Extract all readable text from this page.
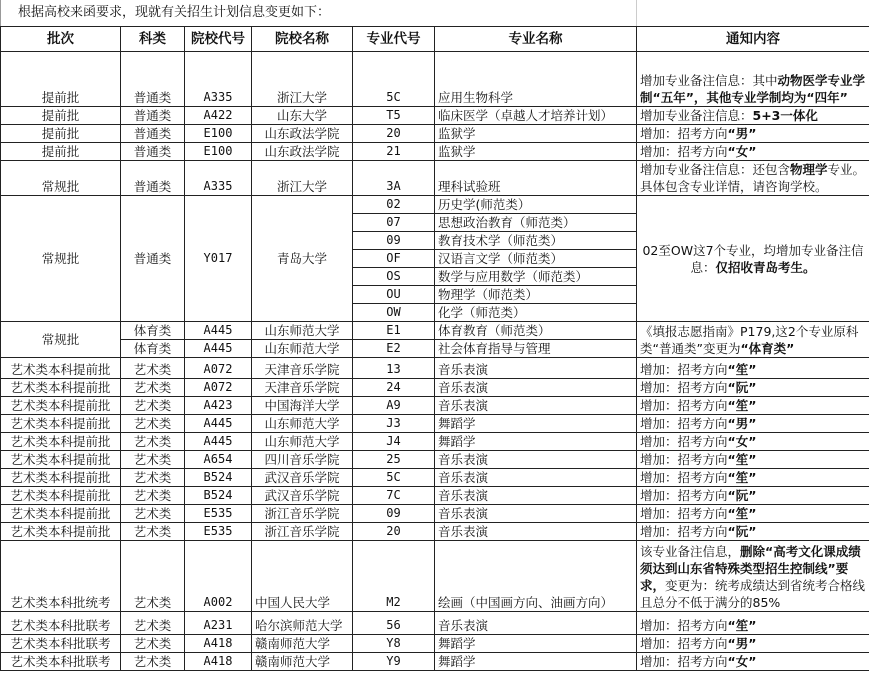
根据高校来函要求，现就有关招生计划信息变更如下：
批次	科类	院校代号	院校名称	专业代号	专业名称	通知内容
提前批	普通类	A335	浙江大学	5C	应用生物科学	增加专业备注信息：其中动物医学专业学制“五年”，其他专业学制均为“四年”
提前批	普通类	A422	山东大学	T5	临床医学（卓越人才培养计划）	增加专业备注信息：5+3一体化
提前批	普通类	E100	山东政法学院	20	监狱学	增加：招考方向“男”
提前批	普通类	E100	山东政法学院	21	监狱学	增加：招考方向“女”
常规批	普通类	A335	浙江大学	3A	理科试验班	增加专业备注信息：还包含物理学专业。具体包含专业详情，请咨询学校。
常规批	普通类	Y017	青岛大学	02	历史学(师范类）	02至OW这7个专业，均增加专业备注信息：仅招收青岛考生。
				07	思想政治教育（师范类）	
				09	教育技术学（师范类）	
				OF	汉语言文学（师范类）	
				OS	数学与应用数学（师范类）	
				OU	物理学（师范类）	
				OW	化学（师范类）	
常规批	体育类	A445	山东师范大学	E1	体育教育（师范类）	《填报志愿指南》P179,这2个专业原科类“普通类”变更为“体育类”
	体育类	A445	山东师范大学	E2	社会体育指导与管理	
艺术类本科提前批	艺术类	A072	天津音乐学院	13	音乐表演	增加：招考方向“笙”
艺术类本科提前批	艺术类	A072	天津音乐学院	24	音乐表演	增加：招考方向“阮”
艺术类本科提前批	艺术类	A423	中国海洋大学	A9	音乐表演	增加：招考方向“笙”
艺术类本科提前批	艺术类	A445	山东师范大学	J3	舞蹈学	增加：招考方向“男”
艺术类本科提前批	艺术类	A445	山东师范大学	J4	舞蹈学	增加：招考方向“女”
艺术类本科提前批	艺术类	A654	四川音乐学院	25	音乐表演	增加：招考方向“笙”
艺术类本科提前批	艺术类	B524	武汉音乐学院	5C	音乐表演	增加：招考方向“笙”
艺术类本科提前批	艺术类	B524	武汉音乐学院	7C	音乐表演	增加：招考方向“阮”
艺术类本科提前批	艺术类	E535	浙江音乐学院	09	音乐表演	增加：招考方向“笙”
艺术类本科提前批	艺术类	E535	浙江音乐学院	20	音乐表演	增加：招考方向“阮”
艺术类本科批统考	艺术类	A002	中国人民大学	M2	绘画（中国画方向、油画方向）	该专业备注信息，删除“高考文化课成绩须达到山东省特殊类型招生控制线”要求，变更为：统考成绩达到省统考合格线且总分不低于满分的85%
艺术类本科批联考	艺术类	A231	哈尔滨师范大学	56	音乐表演	增加：招考方向“笙”
艺术类本科批联考	艺术类	A418	赣南师范大学	Y8	舞蹈学	增加：招考方向“男”
艺术类本科批联考	艺术类	A418	赣南师范大学	Y9	舞蹈学	增加：招考方向“女”
